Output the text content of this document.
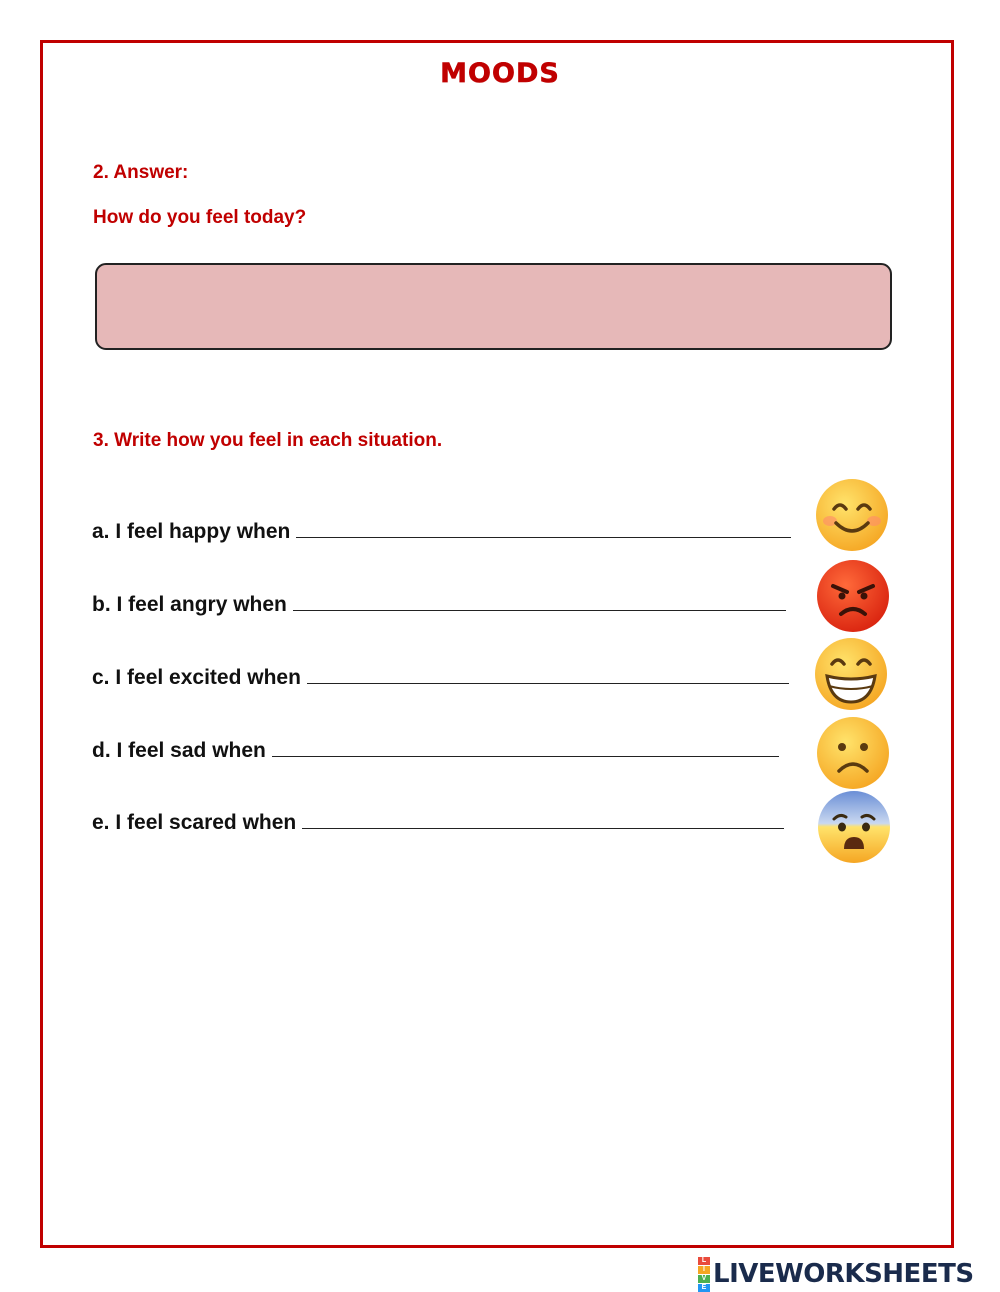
MOODS
2. Answer:
How do you feel today?
3. Write how you feel in each situation.
a. I feel happy when
b. I feel angry when
c. I feel excited when
d. I feel sad when
e. I feel scared when
L
I
V
E LIVEWORKSHEETS
